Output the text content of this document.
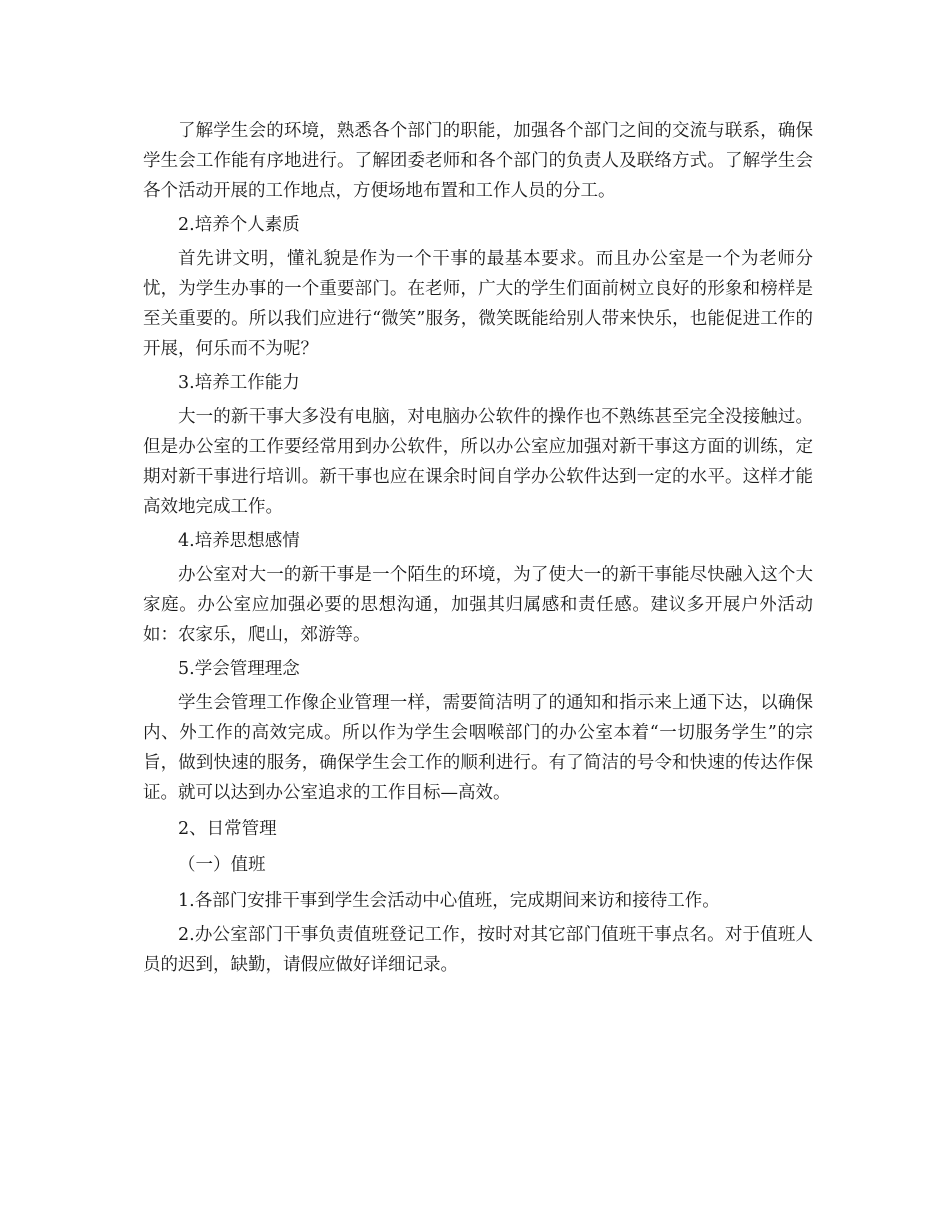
了解学生会的环境，熟悉各个部门的职能，加强各个部门之间的交流与联系，确保学生会工作能有序地进行。了解团委老师和各个部门的负责人及联络方式。了解学生会各个活动开展的工作地点，方便场地布置和工作人员的分工。

2.培养个人素质

首先讲文明，懂礼貌是作为一个干事的最基本要求。而且办公室是一个为老师分忧，为学生办事的一个重要部门。在老师，广大的学生们面前树立良好的形象和榜样是至关重要的。所以我们应进行“微笑”服务，微笑既能给别人带来快乐，也能促进工作的开展，何乐而不为呢？

3.培养工作能力

大一的新干事大多没有电脑，对电脑办公软件的操作也不熟练甚至完全没接触过。但是办公室的工作要经常用到办公软件，所以办公室应加强对新干事这方面的训练，定期对新干事进行培训。新干事也应在课余时间自学办公软件达到一定的水平。这样才能高效地完成工作。

4.培养思想感情

办公室对大一的新干事是一个陌生的环境，为了使大一的新干事能尽快融入这个大家庭。办公室应加强必要的思想沟通，加强其归属感和责任感。建议多开展户外活动如：农家乐，爬山，郊游等。

5.学会管理理念

学生会管理工作像企业管理一样，需要简洁明了的通知和指示来上通下达，以确保内、外工作的高效完成。所以作为学生会咽喉部门的办公室本着“一切服务学生”的宗旨，做到快速的服务，确保学生会工作的顺利进行。有了简洁的号令和快速的传达作保证。就可以达到办公室追求的工作目标—高效。

2、日常管理

（一）值班

1.各部门安排干事到学生会活动中心值班，完成期间来访和接待工作。

2.办公室部门干事负责值班登记工作，按时对其它部门值班干事点名。对于值班人员的迟到，缺勤，请假应做好详细记录。
